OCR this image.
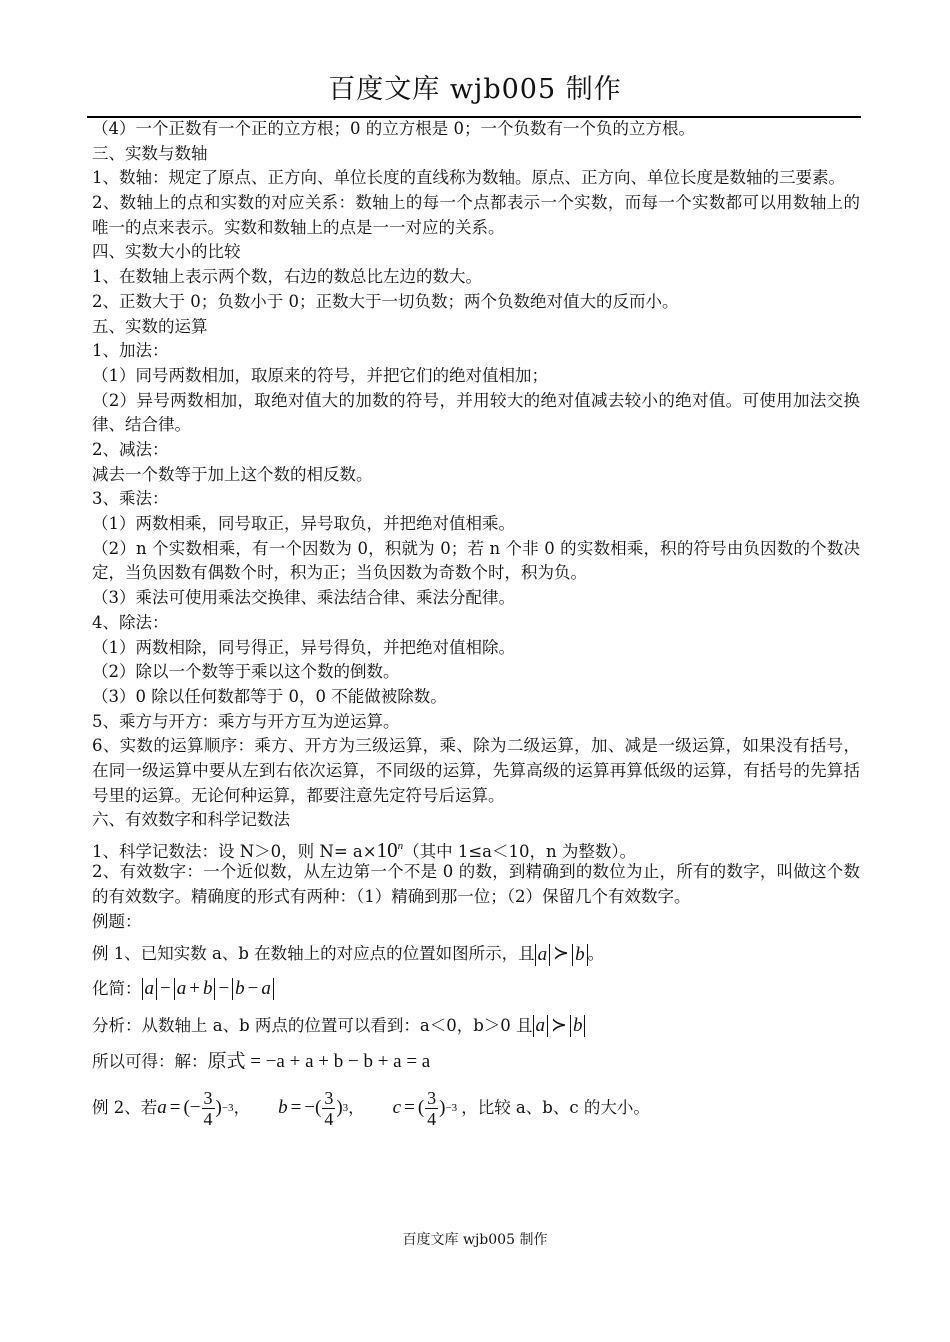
百度文库 wjb005 制作
（4）一个正数有一个正的立方根；0 的立方根是 0；一个负数有一个负的立方根。
三、实数与数轴
1、数轴：规定了原点、正方向、单位长度的直线称为数轴。原点、正方向、单位长度是数轴的三要素。
2、数轴上的点和实数的对应关系：数轴上的每一个点都表示一个实数，而每一个实数都可以用数轴上的唯一的点来表示。实数和数轴上的点是一一对应的关系。
四、实数大小的比较
1、在数轴上表示两个数，右边的数总比左边的数大。
2、正数大于 0；负数小于 0；正数大于一切负数；两个负数绝对值大的反而小。
五、实数的运算
1、加法：
（1）同号两数相加，取原来的符号，并把它们的绝对值相加；
（2）异号两数相加，取绝对值大的加数的符号，并用较大的绝对值减去较小的绝对值。可使用加法交换律、结合律。
2、减法：
减去一个数等于加上这个数的相反数。
3、乘法：
（1）两数相乘，同号取正，异号取负，并把绝对值相乘。
（2）n 个实数相乘，有一个因数为 0，积就为 0；若 n 个非 0 的实数相乘，积的符号由负因数的个数决定，当负因数有偶数个时，积为正；当负因数为奇数个时，积为负。
（3）乘法可使用乘法交换律、乘法结合律、乘法分配律。
4、除法：
（1）两数相除，同号得正，异号得负，并把绝对值相除。
（2）除以一个数等于乘以这个数的倒数。
（3）0 除以任何数都等于 0，0 不能做被除数。
5、乘方与开方：乘方与开方互为逆运算。
6、实数的运算顺序：乘方、开方为三级运算，乘、除为二级运算，加、减是一级运算，如果没有括号，在同一级运算中要从左到右依次运算，不同级的运算，先算高级的运算再算低级的运算，有括号的先算括号里的运算。无论何种运算，都要注意先定符号后运算。
六、有效数字和科学记数法
1、科学记数法：设 N＞0，则 $N= a\times 10^n$（其中 1≤a＜10，n 为整数）。
2、有效数字：一个近似数，从左边第一个不是 0 的数，到精确到的数位为止，所有的数字，叫做这个数的有效数字。精确度的形式有两种：（1）精确到那一位；（2）保留几个有效数字。
例题：
例 1、已知实数 a、b 在数轴上的对应点的位置如图所示，且 a ≻ b 。
化简： a − a + b − b − a
分析：从数轴上 a、b 两点的位置可以看到：a＜0，b＞0 且 a ≻ b
所以可得：解： 原式 = −a + a + b − b + a = a
例 2、若 a = (− $\frac{3}{4}$ ) −3 ， b = −( $\frac{3}{4}$ ) 3 ， c = ( $\frac{3}{4}$ ) −3 ，比较 a、b、c 的大小。
百度文库 wjb005 制作
